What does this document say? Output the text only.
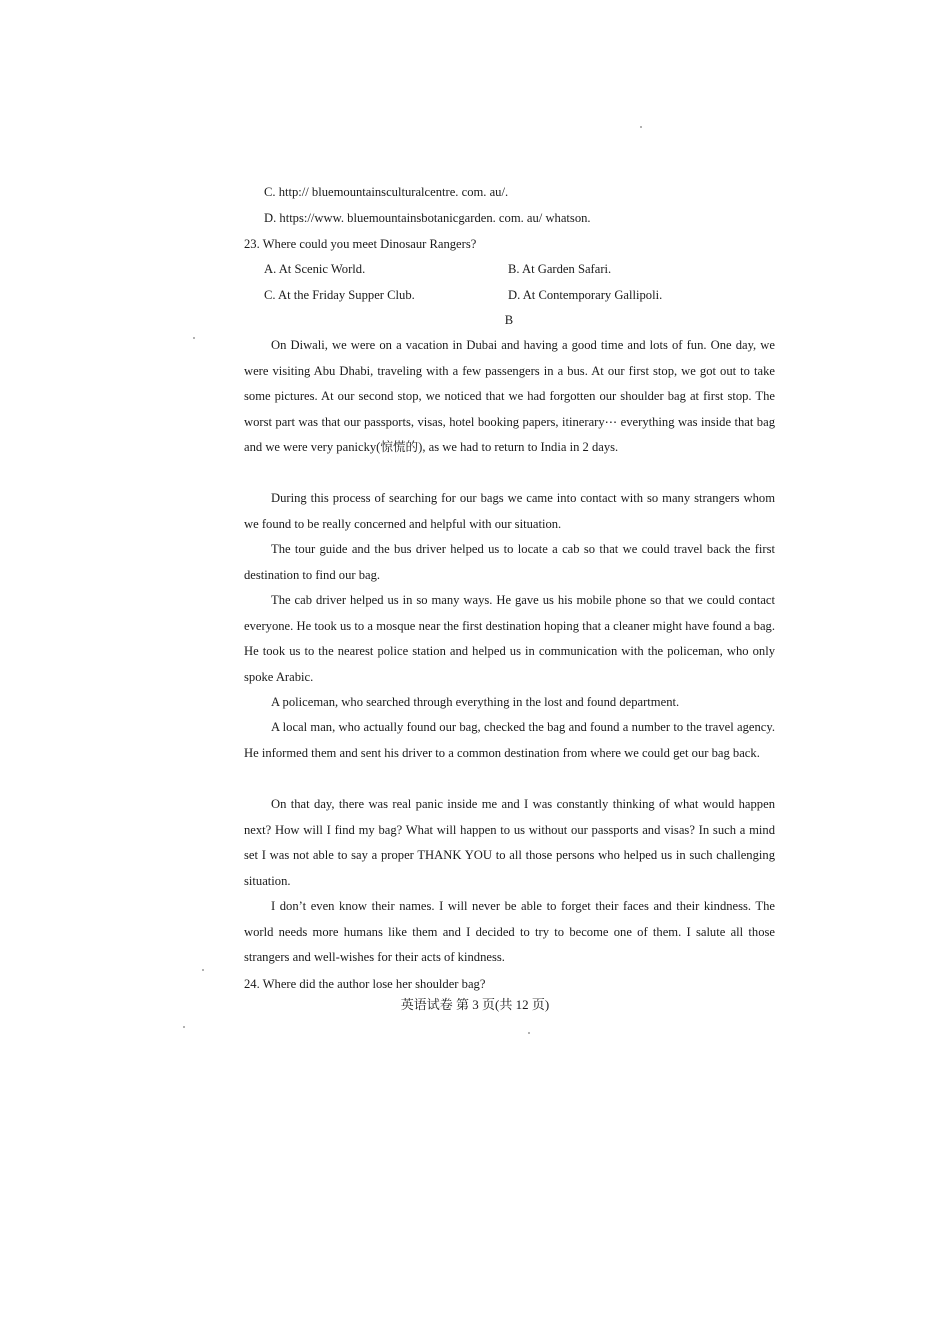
C. http:// bluemountainsculturalcentre. com. au/.
D. https://www. bluemountainsbotanicgarden. com. au/ whatson.
23. Where could you meet Dinosaur Rangers?
A. At Scenic World.	B. At Garden Safari.
C. At the Friday Supper Club.	D. At Contemporary Gallipoli.
B
On Diwali, we were on a vacation in Dubai and having a good time and lots of fun. One day, we were visiting Abu Dhabi, traveling with a few passengers in a bus. At our first stop, we got out to take some pictures. At our second stop, we noticed that we had forgotten our shoulder bag at first stop. The worst part was that our passports, visas, hotel booking papers, itinerary⋯ everything was inside that bag and we were very panicky(惊慌的), as we had to return to India in 2 days.
During this process of searching for our bags we came into contact with so many strangers whom we found to be really concerned and helpful with our situation.
The tour guide and the bus driver helped us to locate a cab so that we could travel back the first destination to find our bag.
The cab driver helped us in so many ways. He gave us his mobile phone so that we could contact everyone. He took us to a mosque near the first destination hoping that a cleaner might have found a bag. He took us to the nearest police station and helped us in communication with the policeman, who only spoke Arabic.
A policeman, who searched through everything in the lost and found department.
A local man, who actually found our bag, checked the bag and found a number to the travel agency. He informed them and sent his driver to a common destination from where we could get our bag back.
On that day, there was real panic inside me and I was constantly thinking of what would happen next? How will I find my bag? What will happen to us without our passports and visas? In such a mind set I was not able to say a proper THANK YOU to all those persons who helped us in such challenging situation.
I don’t even know their names. I will never be able to forget their faces and their kindness. The world needs more humans like them and I decided to try to become one of them. I salute all those strangers and well-wishes for their acts of kindness.
24. Where did the author lose her shoulder bag?
英语试卷 第 3 页(共 12 页)
